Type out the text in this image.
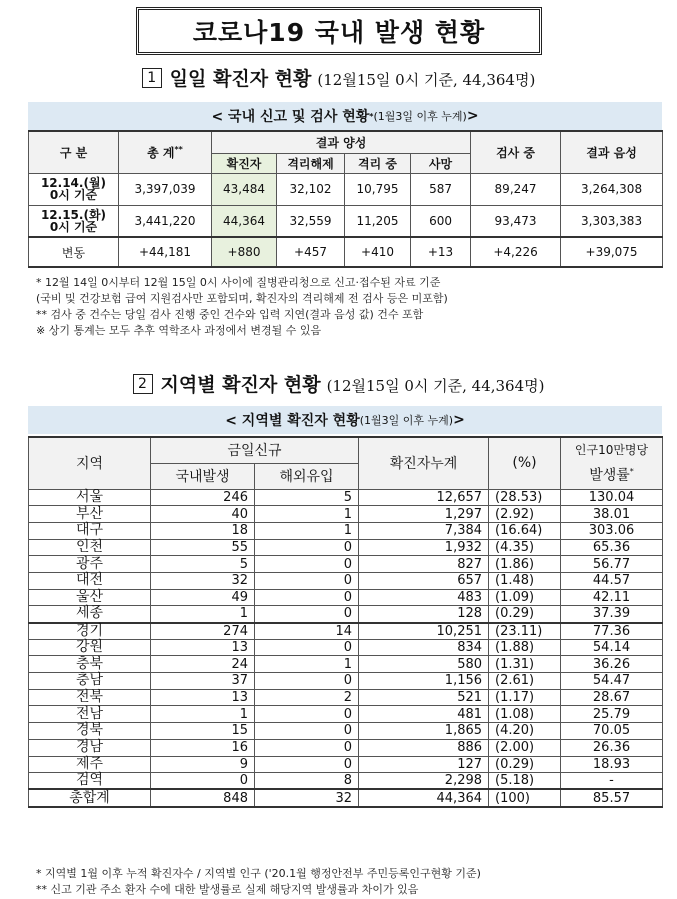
코로나19 국내 발생 현황
1 일일 확진자 현황 (12월15일 0시 기준, 44,364명)
< 국내 신고 및 검사 현황 * (1월3일 이후 누계) >
구 분	총 계**	결과 양성				검사 중	결과 음성
		확진자	격리해제	격리 중	사망		

12.14.(월)
0시 기준	3,397,039	43,484	32,102	10,795	587	89,247	3,264,308

12.15.(화)
0시 기준	3,441,220	44,364	32,559	11,205	600	93,473	3,303,383
변동	+44,181	+880	+457	+410	+13	+4,226	+39,075
* 12월 14일 0시부터 12월 15일 0시 사이에 질병관리청으로 신고·접수된 자료 기준
(국비 및 건강보험 급여 지원검사만 포함되며, 확진자의 격리해제 전 검사 등은 미포함)
** 검사 중 건수는 당일 검사 진행 중인 건수와 입력 지연(결과 음성 값) 건수 포함
※ 상기 통계는 모두 추후 역학조사 과정에서 변경될 수 있음
2 지역별 확진자 현황 (12월15일 0시 기준, 44,364명)
< 지역별 확진자 현황 (1월3일 이후 누계) >
지역	금일신규		확진자누계	(%)	인구10만명당
발생률*

	국내발생	해외유입			
서울	246	5	12,657	(28.53)	130.04
부산	40	1	1,297	(2.92)	38.01
대구	18	1	7,384	(16.64)	303.06
인천	55	0	1,932	(4.35)	65.36
광주	5	0	827	(1.86)	56.77
대전	32	0	657	(1.48)	44.57
울산	49	0	483	(1.09)	42.11
세종	1	0	128	(0.29)	37.39
경기	274	14	10,251	(23.11)	77.36
강원	13	0	834	(1.88)	54.14
충북	24	1	580	(1.31)	36.26
충남	37	0	1,156	(2.61)	54.47
전북	13	2	521	(1.17)	28.67
전남	1	0	481	(1.08)	25.79
경북	15	0	1,865	(4.20)	70.05
경남	16	0	886	(2.00)	26.36
제주	9	0	127	(0.29)	18.93
검역	0	8	2,298	(5.18)	-
총합계	848	32	44,364	(100)	85.57
* 지역별 1월 이후 누적 확진자수 / 지역별 인구 ('20.1월 행정안전부 주민등록인구현황 기준)
** 신고 기관 주소 환자 수에 대한 발생률로 실제 해당지역 발생률과 차이가 있음
